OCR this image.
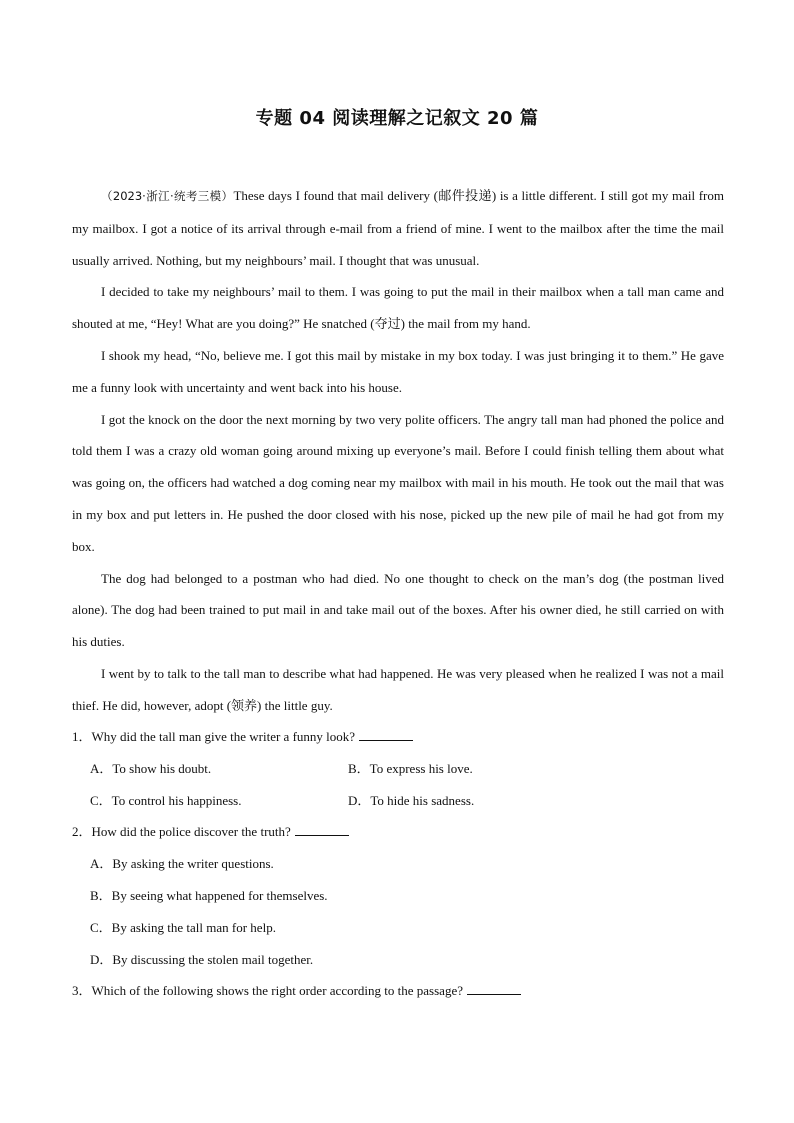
专题 04 阅读理解之记叙文 20 篇

（2023·浙江·统考三模）These days I found that mail delivery (邮件投递) is a little different. I still got my mail from my mailbox. I got a notice of its arrival through e-mail from a friend of mine. I went to the mailbox after the time the mail usually arrived. Nothing, but my neighbours’ mail. I thought that was unusual.

I decided to take my neighbours’ mail to them. I was going to put the mail in their mailbox when a tall man came and shouted at me, “Hey! What are you doing?” He snatched (夺过) the mail from my hand.

I shook my head, “No, believe me. I got this mail by mistake in my box today. I was just bringing it to them.” He gave me a funny look with uncertainty and went back into his house.

I got the knock on the door the next morning by two very polite officers. The angry tall man had phoned the police and told them I was a crazy old woman going around mixing up everyone’s mail. Before I could finish telling them about what was going on, the officers had watched a dog coming near my mailbox with mail in his mouth. He took out the mail that was in my box and put letters in. He pushed the door closed with his nose, picked up the new pile of mail he had got from my box.

The dog had belonged to a postman who had died. No one thought to check on the man’s dog (the postman lived alone). The dog had been trained to put mail in and take mail out of the boxes. After his owner died, he still carried on with his duties.

I went by to talk to the tall man to describe what had happened. He was very pleased when he realized I was not a mail thief. He did, however, adopt (领养) the little guy.

1．Why did the tall man give the writer a funny look?

A．To show his doubt.	B．To express his love.
C．To control his happiness.	D．To hide his sadness.

2．How did the police discover the truth?

A．By asking the writer questions.

B．By seeing what happened for themselves.

C．By asking the tall man for help.

D．By discussing the stolen mail together.

3．Which of the following shows the right order according to the passage?
